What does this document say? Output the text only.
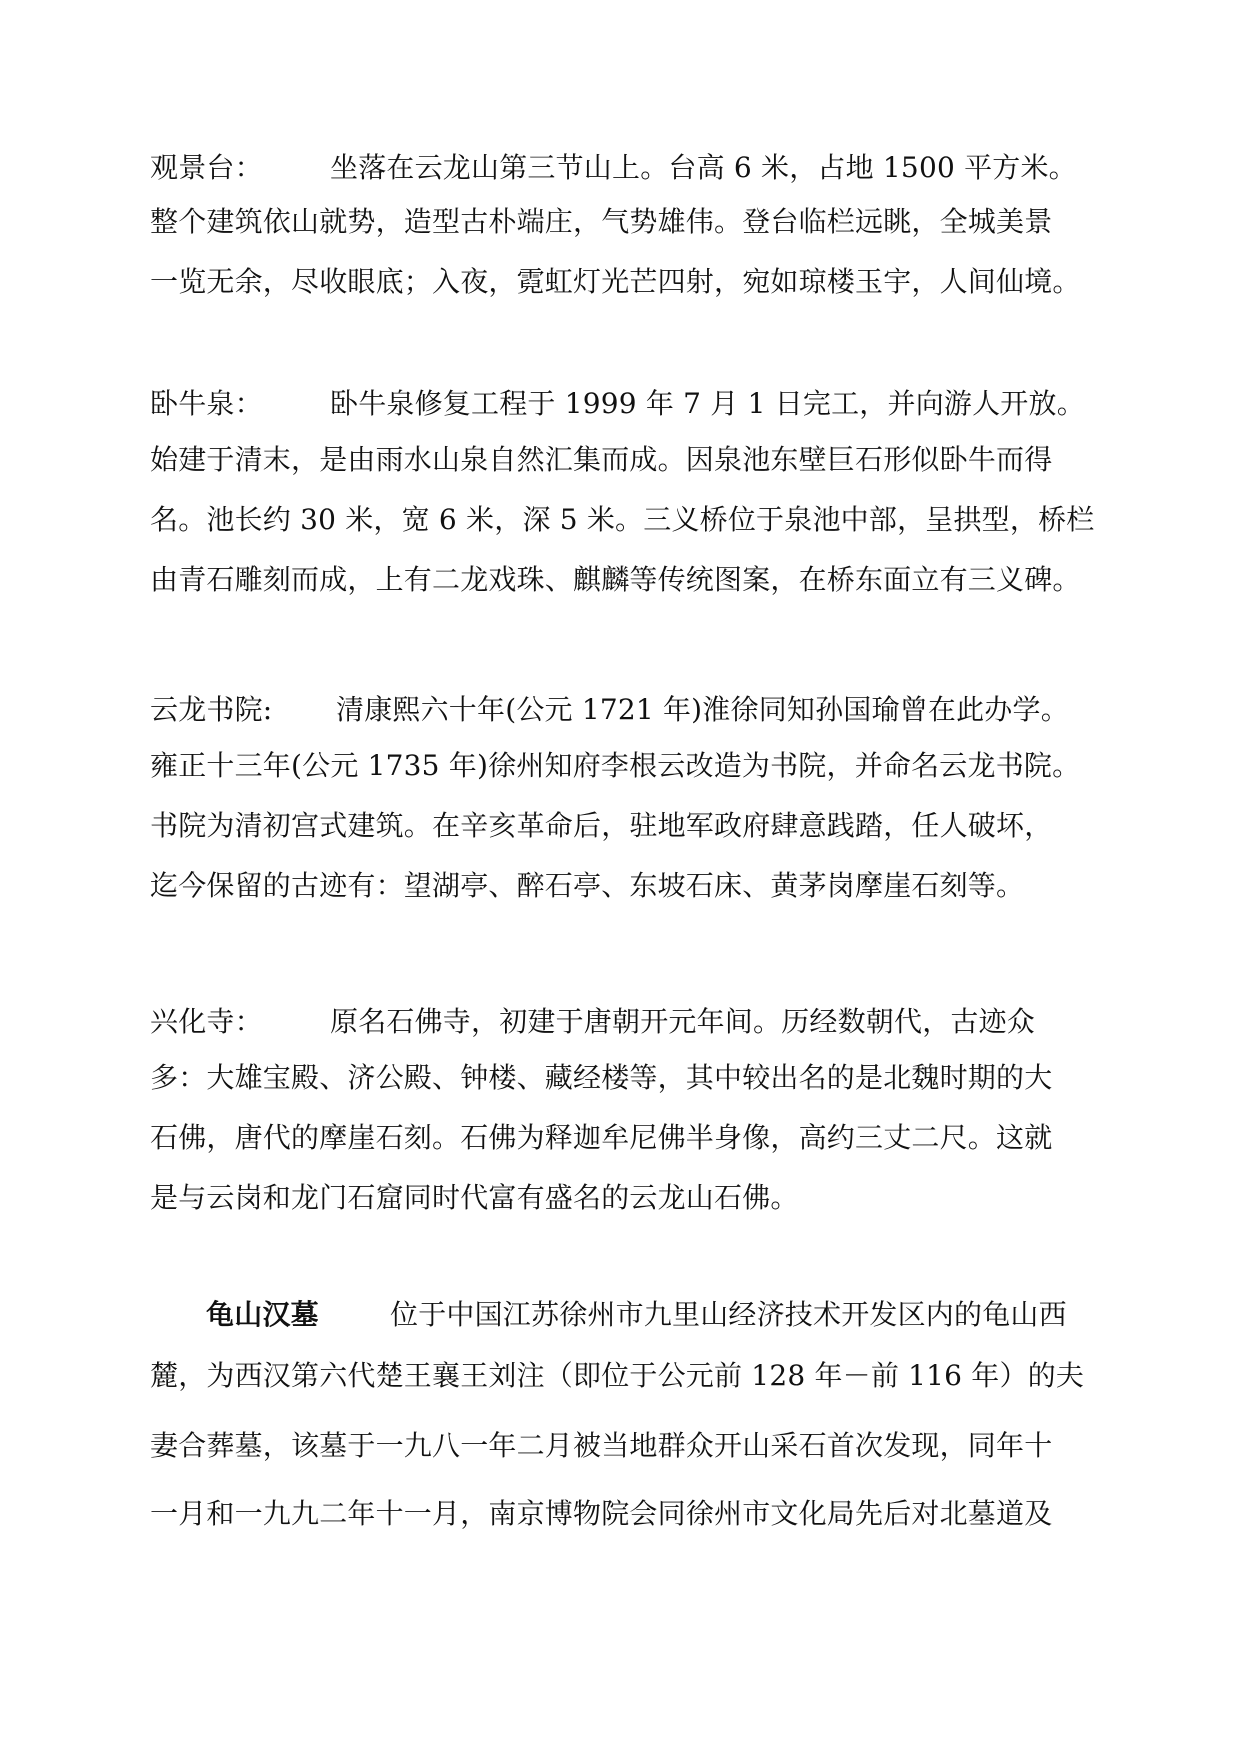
观景台： 坐落在云龙山第三节山上。台高 6 米，占地 1500 平方米。
整个建筑依山就势，造型古朴端庄，气势雄伟。登台临栏远眺，全城美景
一览无余，尽收眼底；入夜，霓虹灯光芒四射，宛如琼楼玉宇，人间仙境。
卧牛泉： 卧牛泉修复工程于 1999 年 7 月 1 日完工，并向游人开放。
始建于清末，是由雨水山泉自然汇集而成。因泉池东壁巨石形似卧牛而得
名。池长约 30 米，宽 6 米，深 5 米。三义桥位于泉池中部，呈拱型，桥栏
由青石雕刻而成，上有二龙戏珠、麒麟等传统图案，在桥东面立有三义碑。
云龙书院: 清康熙六十年(公元 1721 年)淮徐同知孙国瑜曾在此办学。
雍正十三年(公元 1735 年)徐州知府李根云改造为书院，并命名云龙书院。
书院为清初宫式建筑。在辛亥革命后，驻地军政府肆意践踏，任人破坏，
迄今保留的古迹有：望湖亭、醉石亭、东坡石床、黄茅岗摩崖石刻等。
兴化寺： 原名石佛寺，初建于唐朝开元年间。历经数朝代，古迹众
多：大雄宝殿、济公殿、钟楼、藏经楼等，其中较出名的是北魏时期的大
石佛，唐代的摩崖石刻。石佛为释迦牟尼佛半身像，高约三丈二尺。这就
是与云岗和龙门石窟同时代富有盛名的云龙山石佛。
龟山汉墓	位于中国江苏徐州市九里山经济技术开发区内的龟山西
麓，为西汉第六代楚王襄王刘注（即位于公元前 128 年－前 116 年）的夫
妻合葬墓，该墓于一九八一年二月被当地群众开山采石首次发现，同年十
一月和一九九二年十一月，南京博物院会同徐州市文化局先后对北墓道及
